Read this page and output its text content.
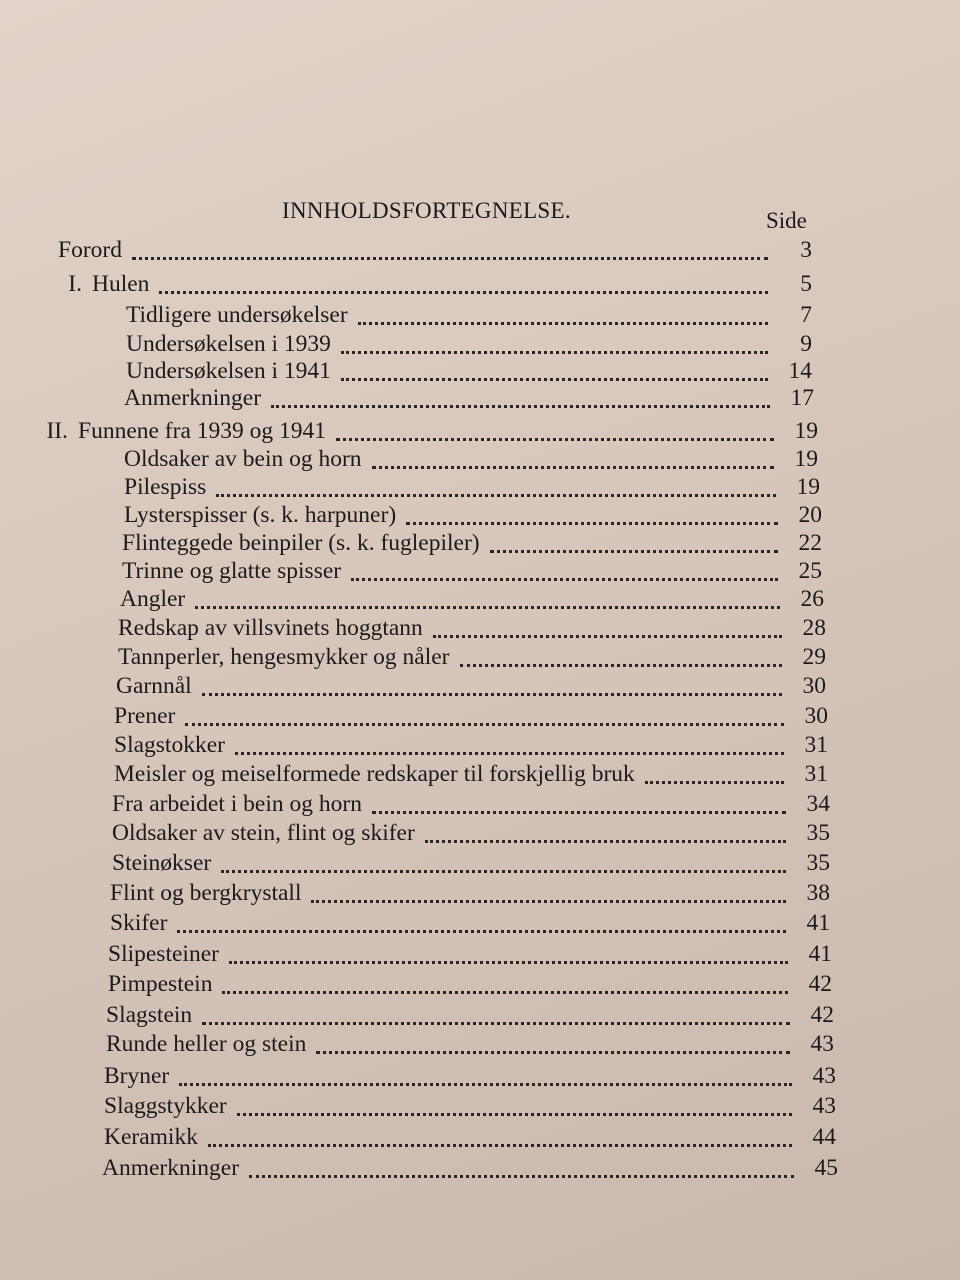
INNHOLDSFORTEGNELSE.	Side
Forord	3
I. Hulen	5
Tidligere undersøkelser	7
Undersøkelsen i 1939	9
Undersøkelsen i 1941	14
Anmerkninger	17
II. Funnene fra 1939 og 1941	19
Oldsaker av bein og horn	19
Pilespiss	19
Lysterspisser (s. k. harpuner)	20
Flinteggede beinpiler (s. k. fuglepiler)	22
Trinne og glatte spisser	25
Angler	26
Redskap av villsvinets hoggtann	28
Tannperler, hengesmykker og nåler	29
Garnnål	30
Prener	30
Slagstokker	31
Meisler og meiselformede redskaper til forskjellig bruk	31
Fra arbeidet i bein og horn	34
Oldsaker av stein, flint og skifer	35
Steinøkser	35
Flint og bergkrystall	38
Skifer	41
Slipesteiner	41
Pimpestein	42
Slagstein	42
Runde heller og stein	43
Bryner	43
Slaggstykker	43
Keramikk	44
Anmerkninger	45
